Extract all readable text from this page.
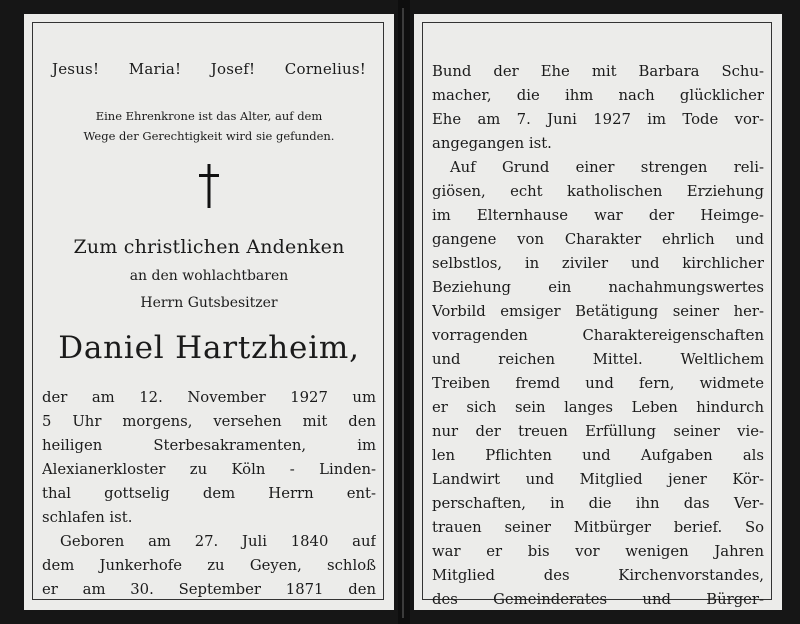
Jesus! Maria! Josef! Cornelius!
Eine Ehrenkrone ist das Alter, auf dem
Wege der Gerechtigkeit wird sie gefunden.
Zum christlichen Andenken
an den wohlachtbaren
Herrn Gutsbesitzer
Daniel Hartzheim,
der am 12. November 1927 um
5 Uhr morgens, versehen mit den
heiligen Sterbesakramenten, im
Alexianerkloster zu Köln - Linden-
thal gottselig dem Herrn ent-
schlafen ist.
Geboren am 27. Juli 1840 auf
dem Junkerhofe zu Geyen, schloß
er am 30. September 1871 den
Bund der Ehe mit Barbara Schu-
macher, die ihm nach glücklicher
Ehe am 7. Juni 1927 im Tode vor-
angegangen ist.
Auf Grund einer strengen reli-
giösen, echt katholischen Erziehung
im Elternhause war der Heimge-
gangene von Charakter ehrlich und
selbstlos, in ziviler und kirchlicher
Beziehung ein nachahmungswertes
Vorbild emsiger Betätigung seiner her-
vorragenden Charaktereigenschaften
und reichen Mittel. Weltlichem
Treiben fremd und fern, widmete
er sich sein langes Leben hindurch
nur der treuen Erfüllung seiner vie-
len Pflichten und Aufgaben als
Landwirt und Mitglied jener Kör-
perschaften, in die ihn das Ver-
trauen seiner Mitbürger berief. So
war er bis vor wenigen Jahren
Mitglied des Kirchenvorstandes,
des Gemeinderates und Bürger-
